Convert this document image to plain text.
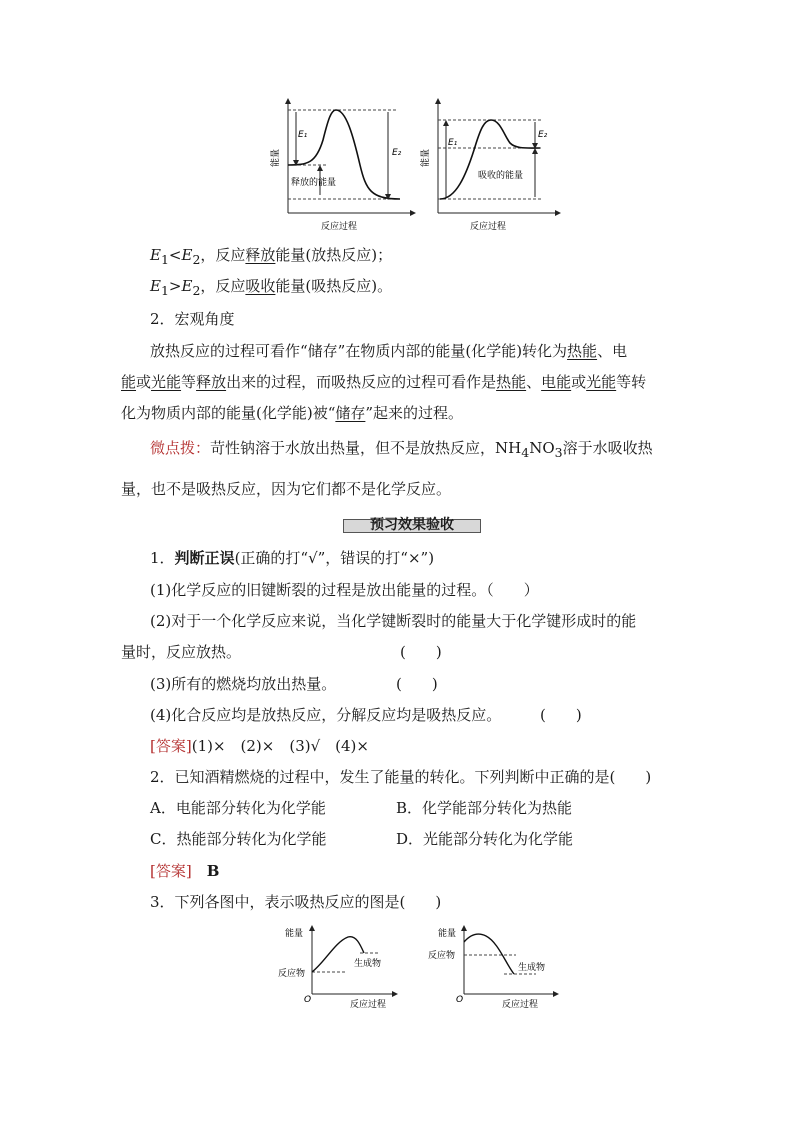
E₁
E₂
释放的能量
能量
反应过程
E₁
E₂
吸收的能量
能量
反应过程
$E_1<E_2$，反应释放能量(放热反应)；
$E_1>E_2$，反应吸收能量(吸热反应)。
2．宏观角度
放热反应的过程可看作“储存”在物质内部的能量(化学能)转化为热能、电
能或光能等释放出来的过程，而吸热反应的过程可看作是热能、电能或光能等转
化为物质内部的能量(化学能)被“储存”起来的过程。
微点拨：苛性钠溶于水放出热量，但不是放热反应，$NH_4NO_3$溶于水吸收热
量，也不是吸热反应，因为它们都不是化学反应。
预习效果验收
1．判断正误(正确的打“√”，错误的打“×”)
(1)化学反应的旧键断裂的过程是放出能量的过程。（　　）
(2)对于一个化学反应来说，当化学键断裂时的能量大于化学键形成时的能
量时，反应放热。	(　　)
(3)所有的燃烧均放出热量。	(　　)
(4)化合反应均是放热反应，分解反应均是吸热反应。	(　　)
[答案](1)×　(2)×　(3)√　(4)×
2．已知酒精燃烧的过程中，发生了能量的转化。下列判断中正确的是(　　)
A．电能部分转化为化学能	B．化学能部分转化为热能
C．热能部分转化为化学能	D．光能部分转化为化学能
[答案]　 B
3．下列各图中，表示吸热反应的图是(　　)
能量
反应物
生成物
O	反应过程
能量
反应物
生成物
O	反应过程
